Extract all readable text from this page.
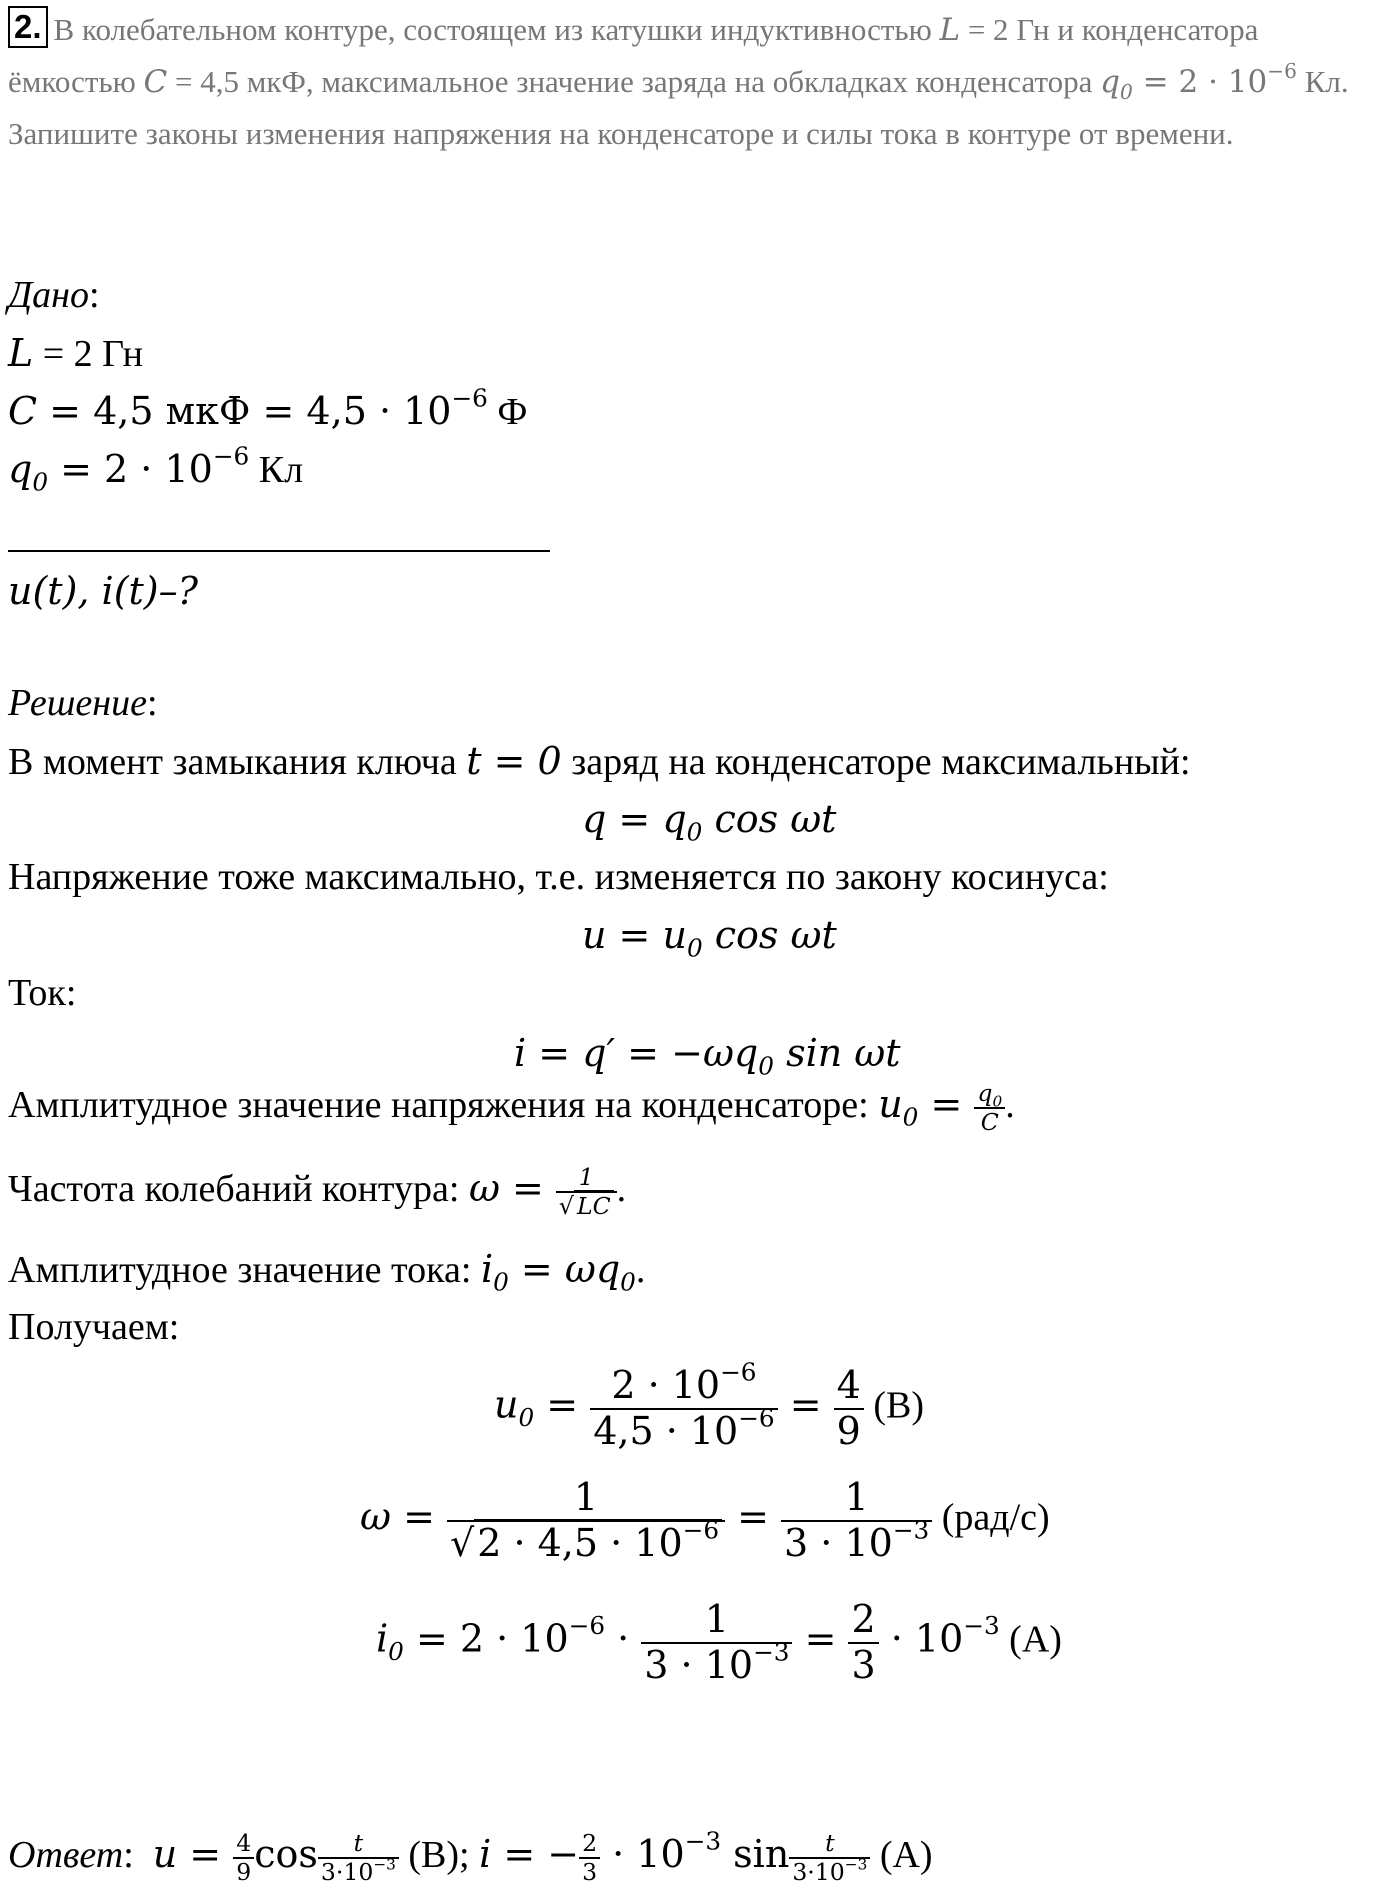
2. В колебательном контуре, состоящем из катушки индуктивностью L = 2 Гн и конденсатора ёмкостью C = 4,5 мкФ, максимальное значение заряда на обкладках конденсатора $q_0 = 2 \cdot 10^{-6}$ Кл. Запишите законы изменения напряжения на конденсаторе и силы тока в контуре от времени.
Дано:
L = 2 Гн
C = 4,5 мкФ = $4,5 \cdot 10^{-6}$ Ф
$q_0 = 2 \cdot 10^{-6}$ Кл
u(t), i(t)–?
Решение:
В момент замыкания ключа t = 0 заряд на конденсаторе максимальный:
$q = q_0$ cos ωt
Напряжение тоже максимально, т.е. изменяется по закону косинуса:
$u = u_0$ cos ωt
Ток:
$i = q' = -\omega q_0$ sin ωt
Амплитудное значение напряжения на конденсаторе: $u_0 = \frac{q_0}{C}$ .
Частота колебаний контура: $\omega = \frac{1}{√ LC}$ .
Амплитудное значение тока: $i_0 = \omega q_0$.
Получаем:
$u_0 = \frac{2 \cdot 10^{-6}}{4,5 \cdot 10^{-6}} = \frac{4}{9} (В)$
$\omega = \frac{1}{√2 \cdot 4,5 \cdot 10^{-6}} = \frac{1}{3 \cdot 10^{-3}} (рад/с)$
$i_0 = 2 \cdot 10^{-6} \cdot \frac{1}{3 \cdot 10^{-3}} = \frac{2}{3} \cdot 10^{-3}$ (А)
Ответ: $u = \frac{4}{9}$ $\cos \frac{t}{3\cdot 10^{-3}} (В)$; i = − $\frac{2}{3} \cdot 10^{-3}$ $\sin \frac{t}{3\cdot 10^{-3}} (А)$
